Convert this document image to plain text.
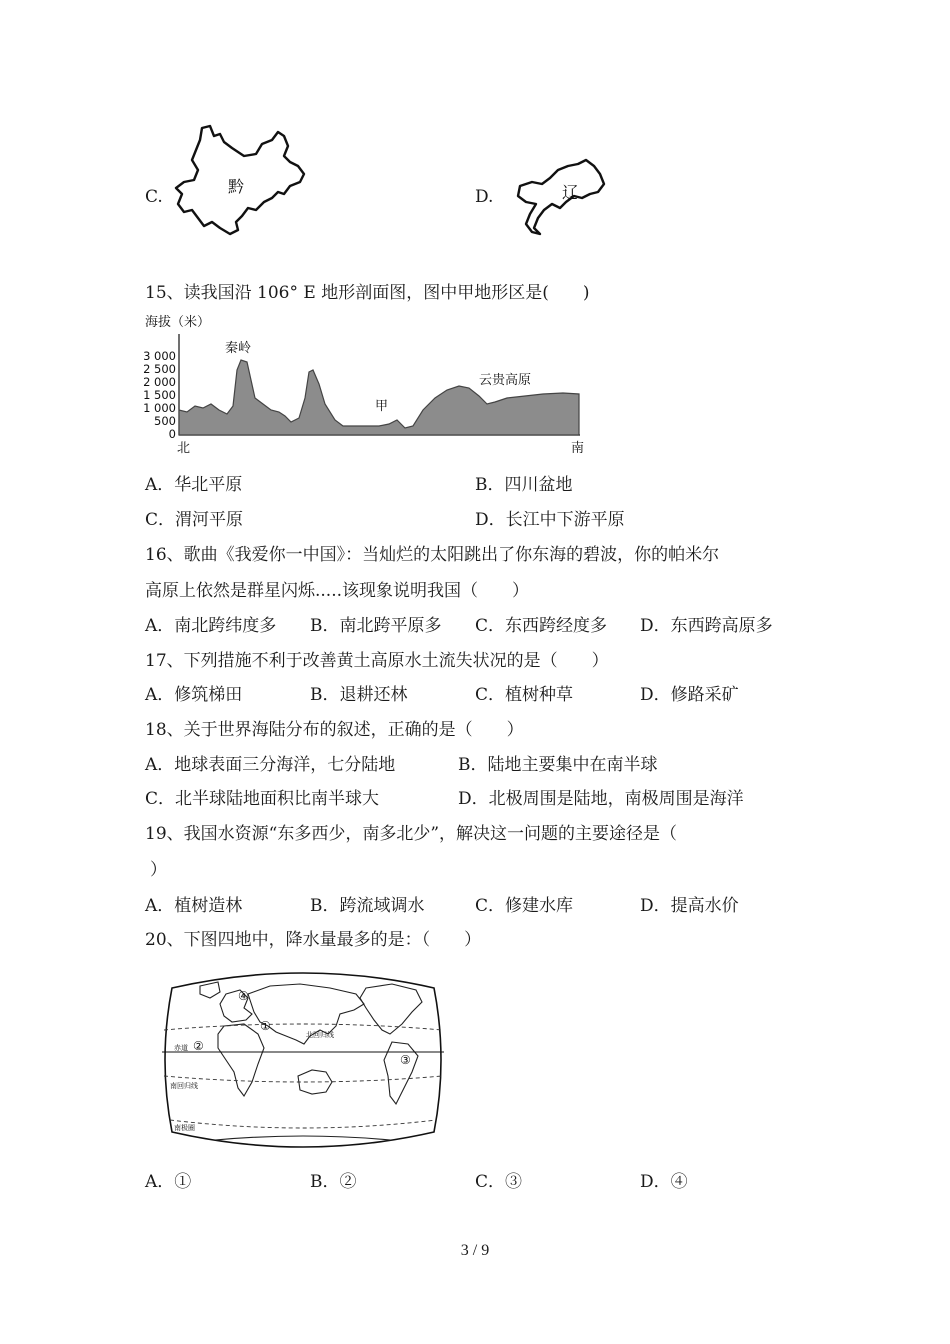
C.
黔
D.	辽
15、读我国沿 106° E 地形剖面图，图中甲地形区是(　　)
海拔（米）
3 000
2 500
2 000
1 500
1 000
500
0
秦岭
云贵高原
甲
北	南
A．华北平原	B．四川盆地
C．渭河平原	D．长江中下游平原
16、歌曲《我爱你一中国》：当灿烂的太阳跳出了你东海的碧波，你的帕米尔
高原上依然是群星闪烁.....该现象说明我国（　　）
A．南北跨纬度多 B．南北跨平原多 C．东西跨经度多 D．东西跨高原多
17、下列措施不利于改善黄土高原水土流失状况的是（　　）
A．修筑梯田	B．退耕还林	C．植树种草	D．修路采矿
18、关于世界海陆分布的叙述，正确的是（　　）
A．地球表面三分海洋，七分陆地	B．陆地主要集中在南半球
C．北半球陆地面积比南半球大	D．北极周围是陆地，南极周围是海洋
19、我国水资源“东多西少，南多北少”，解决这一问题的主要途径是（
）
A．植树造林	B．跨流域调水	C．修建水库	D．提高水价
20、下图四地中，降水量最多的是：（　　）
赤道
北回归线
南回归线
南极圈
①
②
③
④
A．①	B．②	C．③	D．④
3 / 9
